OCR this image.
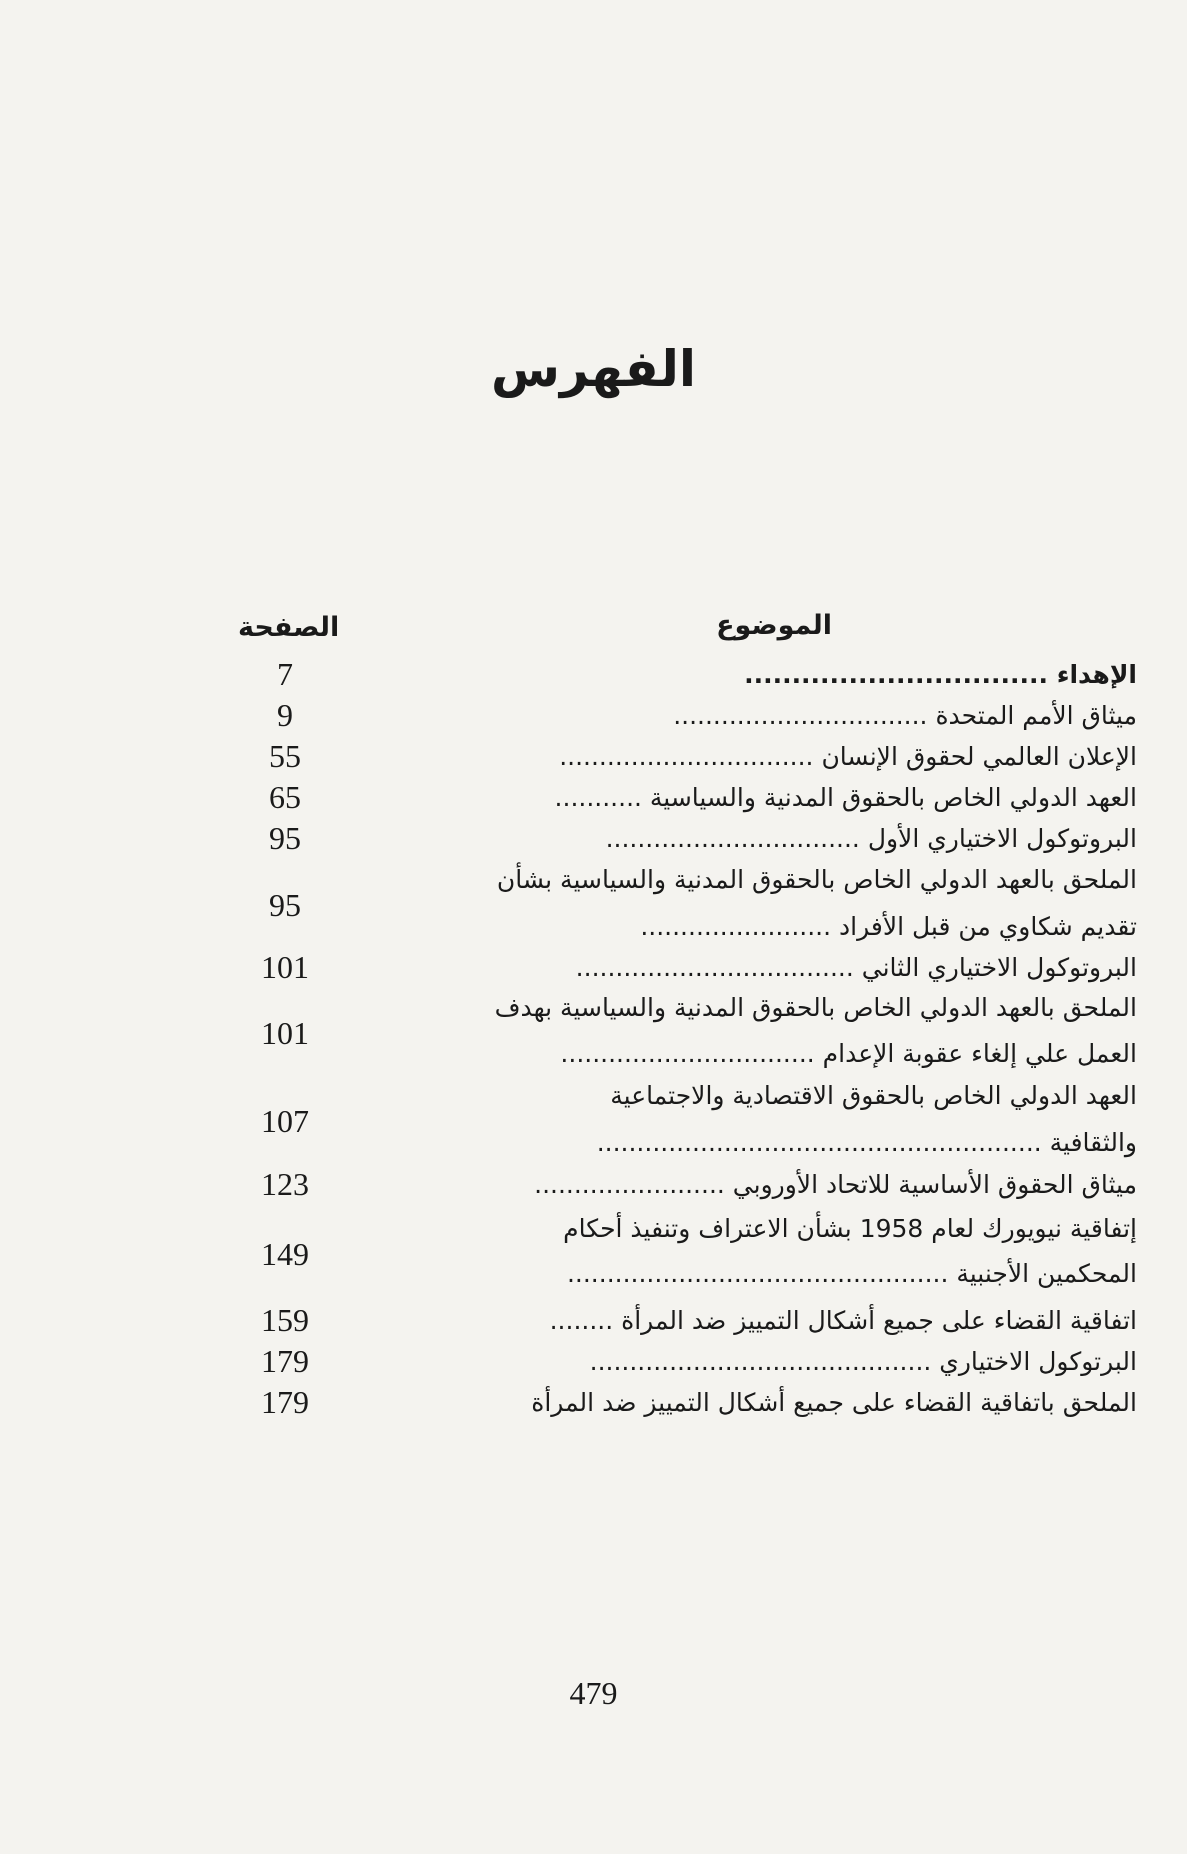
الفهرس
الموضوع
الصفحة
الإهداء ................................
7
ميثاق الأمم المتحدة ................................
9
الإعلان العالمي لحقوق الإنسان ................................
55
العهد الدولي الخاص بالحقوق المدنية والسياسية ...........
65
البروتوكول الاختياري الأول ................................
95
الملحق بالعهد الدولي الخاص بالحقوق المدنية والسياسية بشأن
تقديم شكاوي من قبل الأفراد ........................
95
البروتوكول الاختياري الثاني ...................................
101
الملحق بالعهد الدولي الخاص بالحقوق المدنية والسياسية بهدف
العمل علي إلغاء عقوبة الإعدام ................................
101
العهد الدولي الخاص بالحقوق الاقتصادية والاجتماعية
والثقافية ........................................................
107
ميثاق الحقوق الأساسية للاتحاد الأوروبي ........................
123
إتفاقية نيويورك لعام 1958 بشأن الاعتراف وتنفيذ أحكام
المحكمين الأجنبية ................................................
149
اتفاقية القضاء على جميع أشكال التمييز ضد المرأة ........
159
البرتوكول الاختياري ...........................................
179
الملحق باتفاقية القضاء على جميع أشكال التمييز ضد المرأة
179
479
